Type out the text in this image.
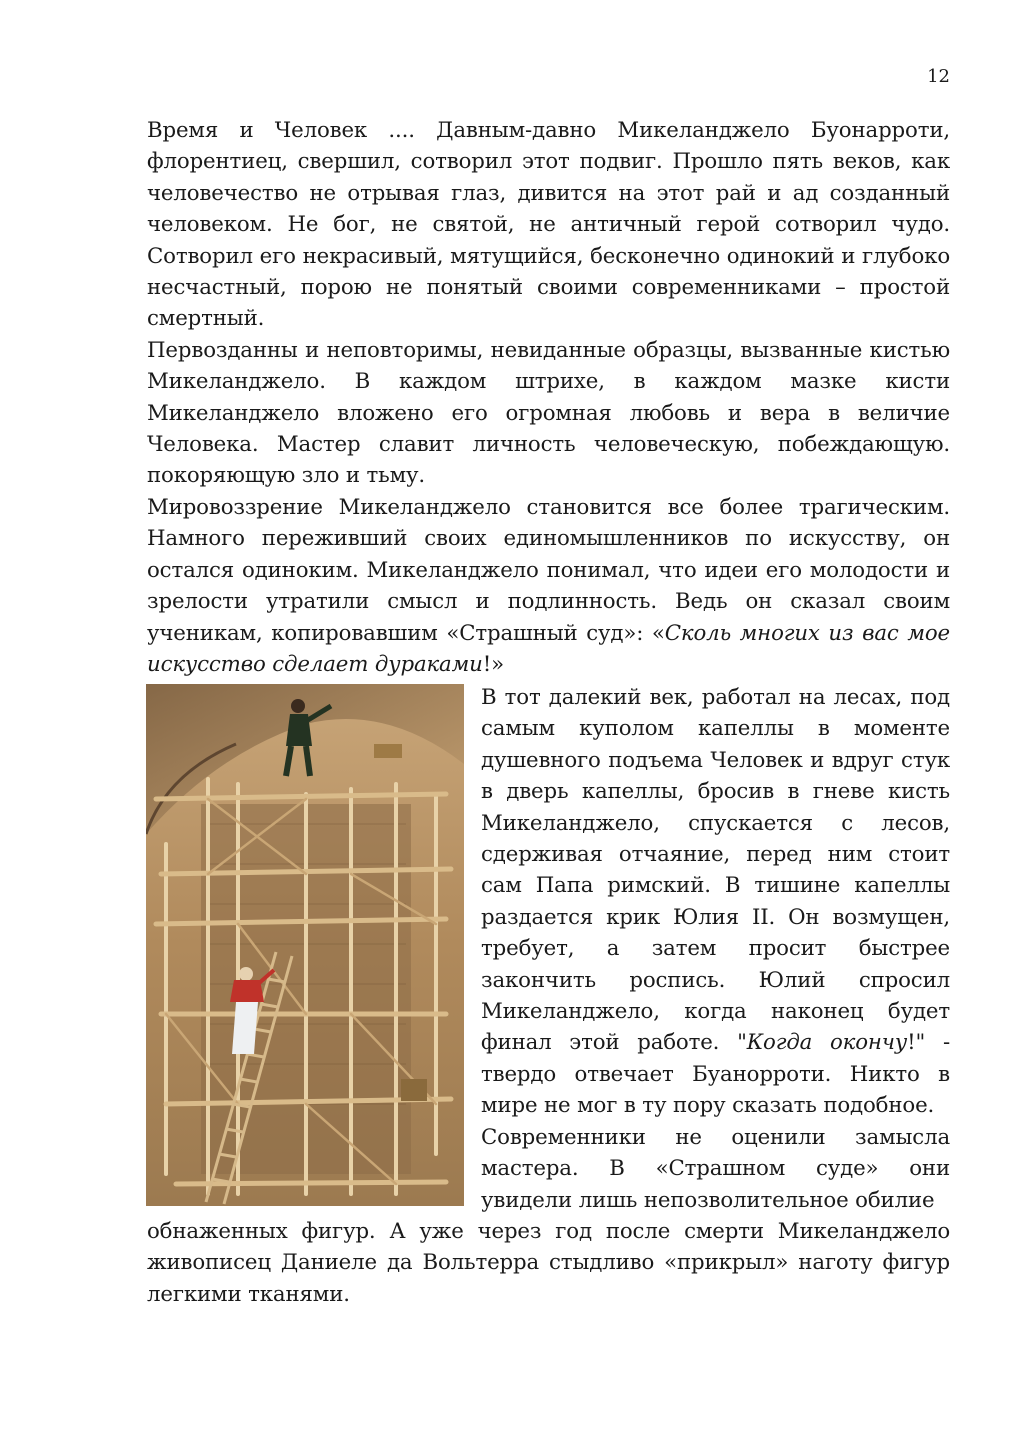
12

Время и Человек .... Давным-давно Микеланджело Буонарроти, флорентиец, свершил, сотворил этот подвиг. Прошло пять веков, как человечество не отрывая глаз, дивится на этот рай и ад созданный человеком. Не бог, не святой, не античный герой сотворил чудо. Сотворил его некрасивый, мятущийся, бесконечно одинокий и глубоко несчастный, порою не понятый своими современниками – простой смертный.

Первозданны и неповторимы, невиданные образцы, вызванные кистью Микеланджело. В каждом штрихе, в каждом мазке кисти Микеланджело вложено его огромная любовь и вера в величие Человека. Мастер славит личность человеческую, побеждающую. покоряющую зло и тьму.

Мировоззрение Микеланджело становится все более трагическим. Намного переживший своих единомышленников по искусству, он остался одиноким. Микеланджело понимал, что идеи его молодости и зрелости утратили смысл и подлинность. Ведь он сказал своим ученикам, копировавшим «Страшный суд»: «Сколь многих из вас мое искусство сделает дураками!»

В тот далекий век, работал на лесах, под самым куполом капеллы в моменте душевного подъема Человек и вдруг стук в дверь капеллы, бросив в гневе кисть Микеланджело, спускается с лесов, сдерживая отчаяние, перед ним стоит сам Папа римский. В тишине капеллы раздается крик Юлия II. Он возмущен, требует, а затем просит быстрее закончить роспись. Юлий спросил Микеланджело, когда наконец будет финал этой работе. "Когда окончу!" - твердо отвечает Буанорроти. Никто в мире не мог в ту пору сказать подобное.

Современники не оценили замысла мастера. В «Страшном суде» они увидели лишь непозволительное обилие

обнаженных фигур. А уже через год после смерти Микеланджело живописец Даниеле да Вольтерра стыдливо «прикрыл» наготу фигур легкими тканями.
